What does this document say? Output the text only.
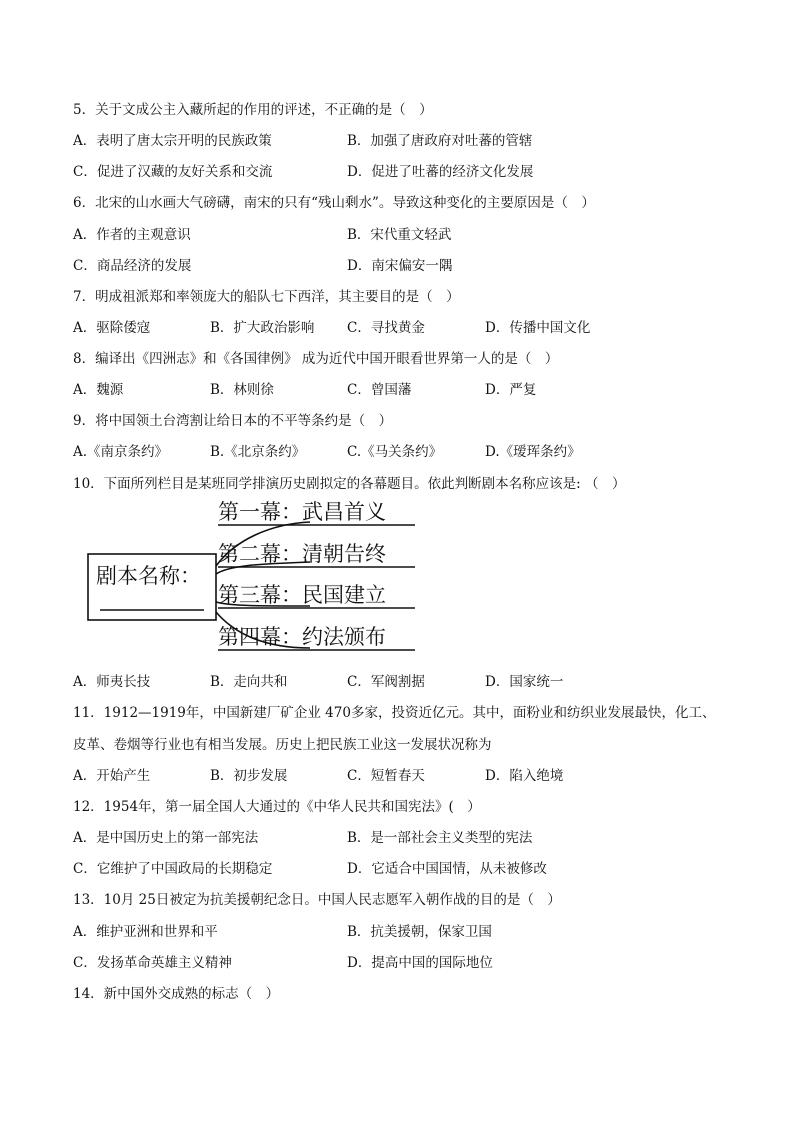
5．关于文成公主入藏所起的作用的评述，不正确的是（　）
A．表明了唐太宗开明的民族政策	B．加强了唐政府对吐蕃的管辖
C．促进了汉藏的友好关系和交流	D．促进了吐蕃的经济文化发展
6．北宋的山水画大气磅礴，南宋的只有“残山剩水”。导致这种变化的主要原因是（　）
A．作者的主观意识	B．宋代重文轻武
C．商品经济的发展	D．南宋偏安一隅
7．明成祖派郑和率领庞大的船队七下西洋，其主要目的是（　）
A．驱除倭寇	B．扩大政治影响 C．寻找黄金	D．传播中国文化
8．编译出《四洲志》和《各国律例》 成为近代中国开眼看世界第一人的是（　）
A．魏源	B．林则徐	C．曾国藩	D．严复
9．将中国领土台湾割让给日本的不平等条约是（　）
A.《南京条约》	B.《北京条约》	C.《马关条约》	D.《瑷珲条约》
10．下面所列栏目是某班同学排演历史剧拟定的各幕题目。依此判断剧本名称应该是: （　）
剧本名称：
第一幕：武昌首义
第二幕：清朝告终
第三幕：民国建立
第四幕：约法颁布
A．师夷长技	B．走向共和	C．军阀割据	D．国家统一
11．1912—1919年，中国新建厂矿企业 470多家，投资近亿元。其中，面粉业和纺织业发展最快，化工、
皮革、卷烟等行业也有相当发展。历史上把民族工业这一发展状况称为
A．开始产生	B．初步发展	C．短暂春天	D．陷入绝境
12．1954年，第一届全国人大通过的《中华人民共和国宪法》(　）
A．是中国历史上的第一部宪法	B．是一部社会主义类型的宪法
C．它维护了中国政局的长期稳定	D．它适合中国国情，从未被修改
13．10月 25日被定为抗美援朝纪念日。中国人民志愿军入朝作战的目的是（　）
A．维护亚洲和世界和平	B．抗美援朝，保家卫国
C．发扬革命英雄主义精神	D．提高中国的国际地位
14．新中国外交成熟的标志（　）
